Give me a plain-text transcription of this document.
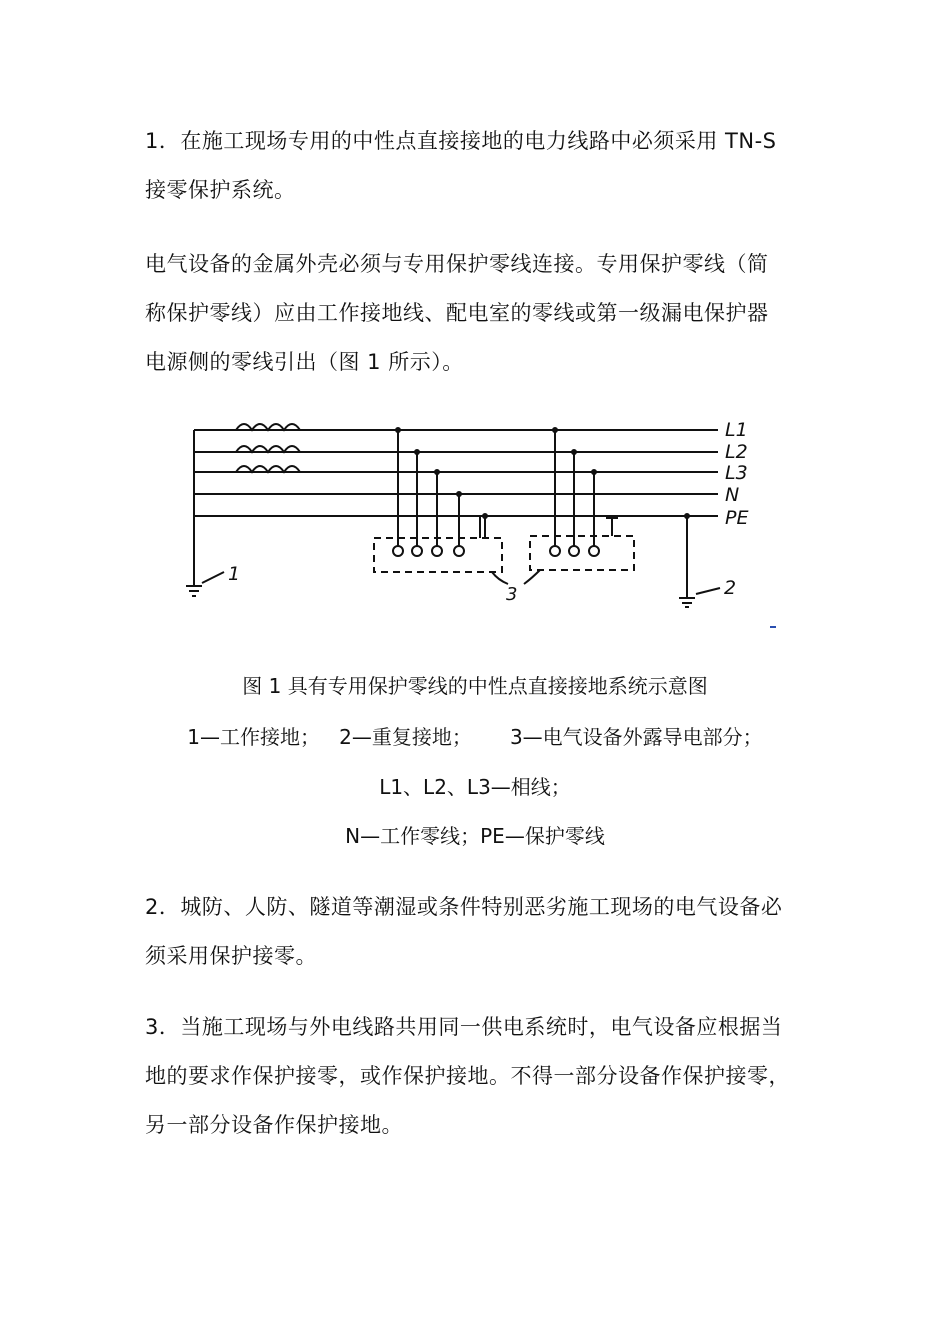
1．在施工现场专用的中性点直接接地的电力线路中必须采用 TN-S
接零保护系统。

电气设备的金属外壳必须与专用保护零线连接。专用保护零线（简
称保护零线）应由工作接地线、配电室的零线或第一级漏电保护器
电源侧的零线引出（图 1 所示）。

L1
L2
L3
N
PE
1
2
3

图 1 具有专用保护零线的中性点直接接地系统示意图

1—工作接地；   2—重复接地；      3—电气设备外露导电部分；

L1、L2、L3—相线；

N—工作零线；PE—保护零线

2．城防、人防、隧道等潮湿或条件特别恶劣施工现场的电气设备必
须采用保护接零。

3．当施工现场与外电线路共用同一供电系统时，电气设备应根据当
地的要求作保护接零，或作保护接地。不得一部分设备作保护接零，
另一部分设备作保护接地。
